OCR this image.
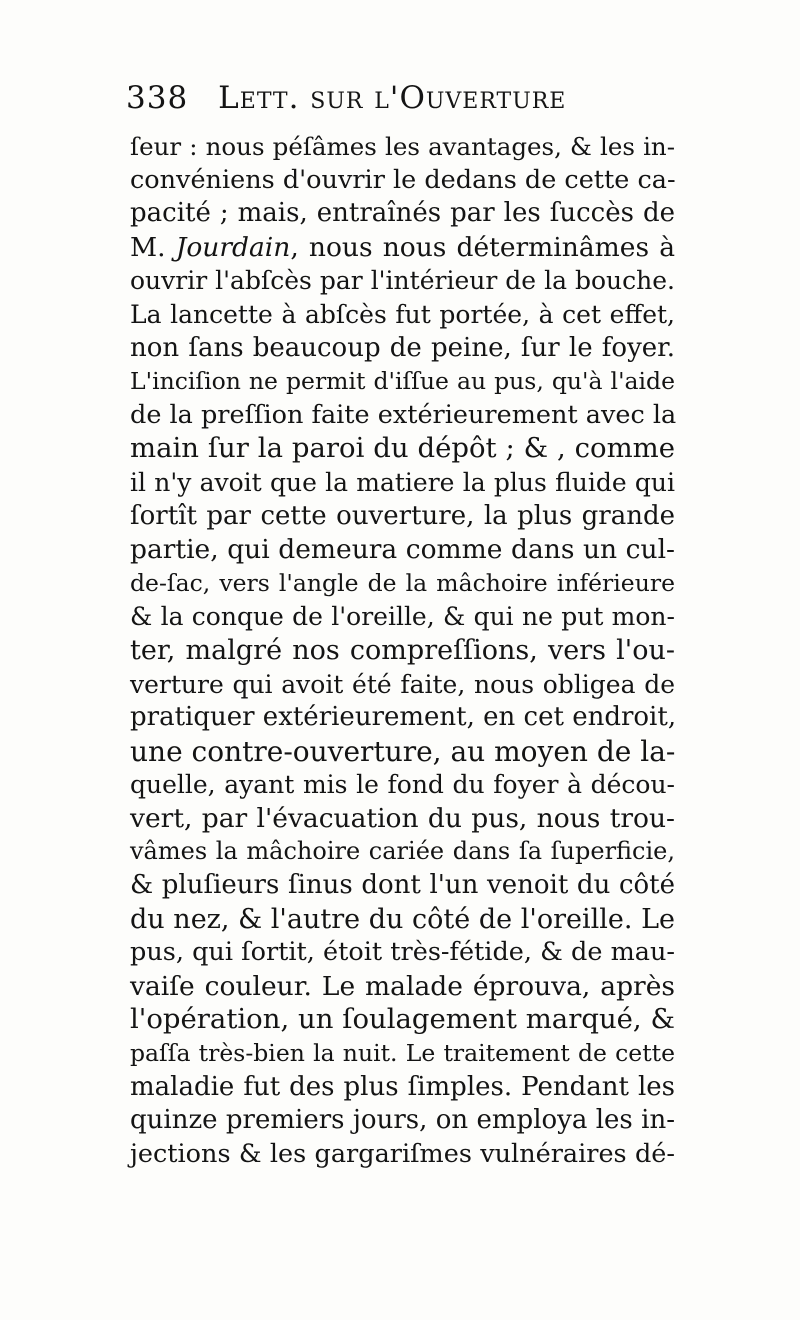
338 Lett. sur l'Ouverture
ſeur : nous péſâmes les avantages, & les in-
convéniens d'ouvrir le dedans de cette ca-
pacité ; mais, entraînés par les ſuccès de
M. Jourdain, nous nous déterminâmes à
ouvrir l'abſcès par l'intérieur de la bouche.
La lancette à abſcès fut portée, à cet effet,
non ſans beaucoup de peine, ſur le foyer.
L'inciſion ne permit d'iſſue au pus, qu'à l'aide
de la preſſion faite extérieurement avec la
main ſur la paroi du dépôt ; & , comme
il n'y avoit que la matiere la plus fluide qui
ſortît par cette ouverture, la plus grande
partie, qui demeura comme dans un cul-
de-ſac, vers l'angle de la mâchoire inférieure
& la conque de l'oreille, & qui ne put mon-
ter, malgré nos compreſſions, vers l'ou-
verture qui avoit été faite, nous obligea de
pratiquer extérieurement, en cet endroit,
une contre-ouverture, au moyen de la-
quelle, ayant mis le fond du foyer à décou-
vert, par l'évacuation du pus, nous trou-
vâmes la mâchoire cariée dans ſa ſuperficie,
& pluſieurs ſinus dont l'un venoit du côté
du nez, & l'autre du côté de l'oreille. Le
pus, qui ſortit, étoit très-fétide, & de mau-
vaiſe couleur. Le malade éprouva, après
l'opération, un ſoulagement marqué, &
paſſa très-bien la nuit. Le traitement de cette
maladie fut des plus ſimples. Pendant les
quinze premiers jours, on employa les in-
jections & les gargariſmes vulnéraires dé-
